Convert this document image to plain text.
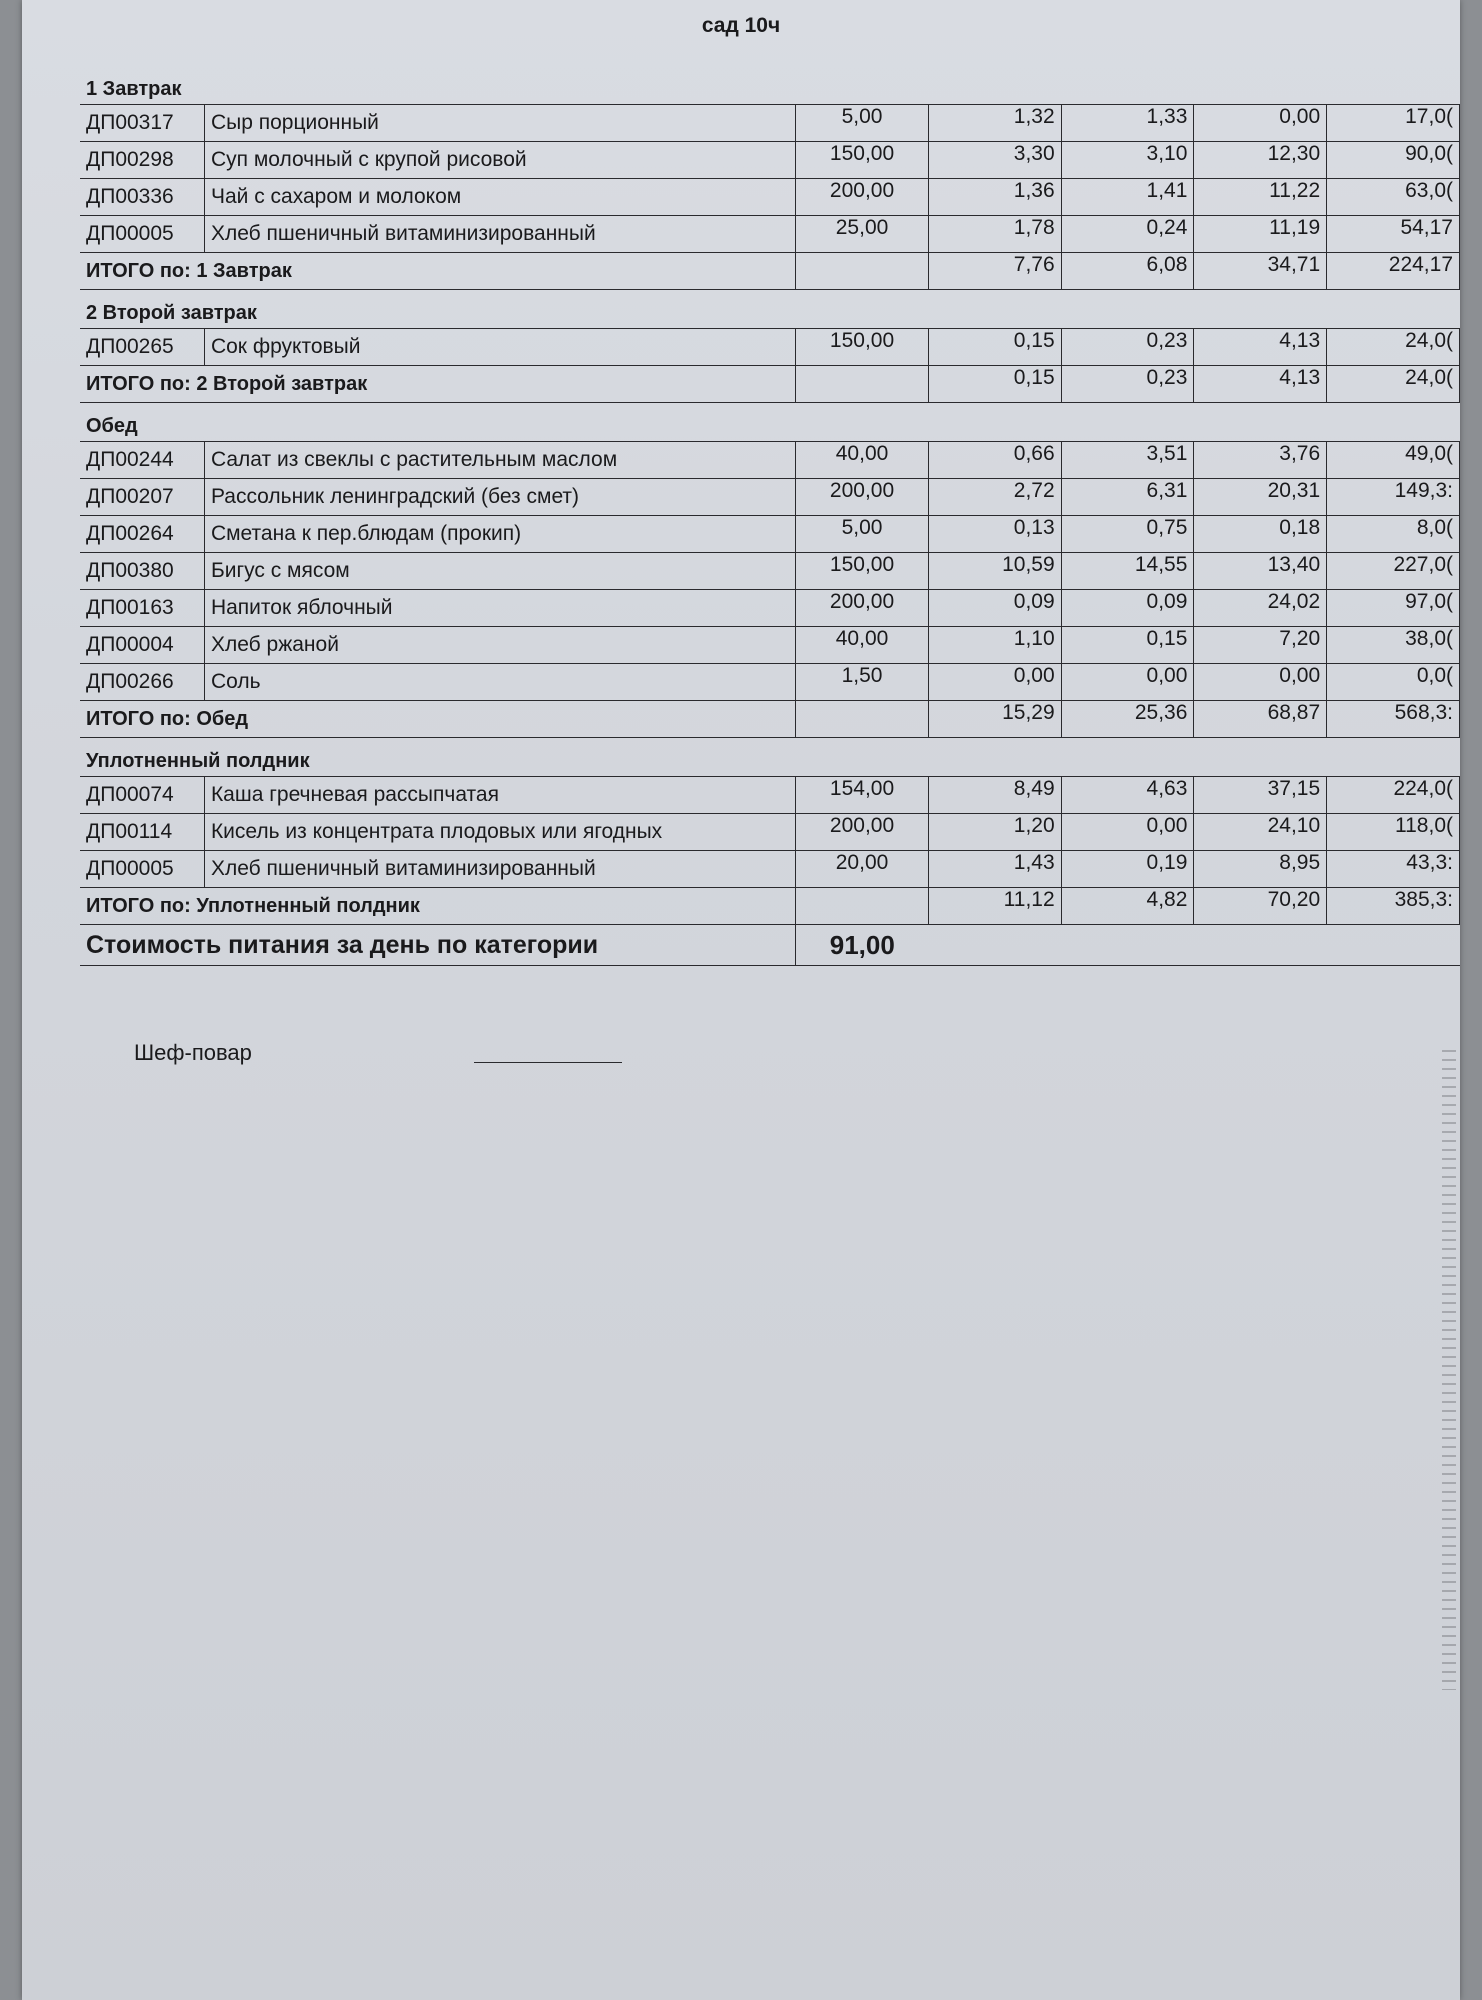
сад 10ч
1 Завтрак						
ДП00317	Сыр порционный	5,00	1,32	1,33	0,00	17,0(
ДП00298	Суп молочный с крупой рисовой	150,00	3,30	3,10	12,30	90,0(
ДП00336	Чай с сахаром и молоком	200,00	1,36	1,41	11,22	63,0(
ДП00005	Хлеб пшеничный витаминизированный	25,00	1,78	0,24	11,19	54,17
ИТОГО по: 1 Завтрак			7,76	6,08	34,71	224,17
2 Второй завтрак						
ДП00265	Сок фруктовый	150,00	0,15	0,23	4,13	24,0(
ИТОГО по: 2 Второй завтрак			0,15	0,23	4,13	24,0(
Обед						
ДП00244	Салат из свеклы с растительным маслом	40,00	0,66	3,51	3,76	49,0(
ДП00207	Рассольник ленинградский (без смет)	200,00	2,72	6,31	20,31	149,3:
ДП00264	Сметана к пер.блюдам (прокип)	5,00	0,13	0,75	0,18	8,0(
ДП00380	Бигус с мясом	150,00	10,59	14,55	13,40	227,0(
ДП00163	Напиток яблочный	200,00	0,09	0,09	24,02	97,0(
ДП00004	Хлеб ржаной	40,00	1,10	0,15	7,20	38,0(
ДП00266	Соль	1,50	0,00	0,00	0,00	0,0(
ИТОГО по: Обед			15,29	25,36	68,87	568,3:
Уплотненный полдник						
ДП00074	Каша гречневая рассыпчатая	154,00	8,49	4,63	37,15	224,0(
ДП00114	Кисель из концентрата плодовых или ягодных	200,00	1,20	0,00	24,10	118,0(
ДП00005	Хлеб пшеничный витаминизированный	20,00	1,43	0,19	8,95	43,3:
ИТОГО по: Уплотненный полдник			11,12	4,82	70,20	385,3:
Стоимость питания за день по категории		91,00				
Шеф-повар
